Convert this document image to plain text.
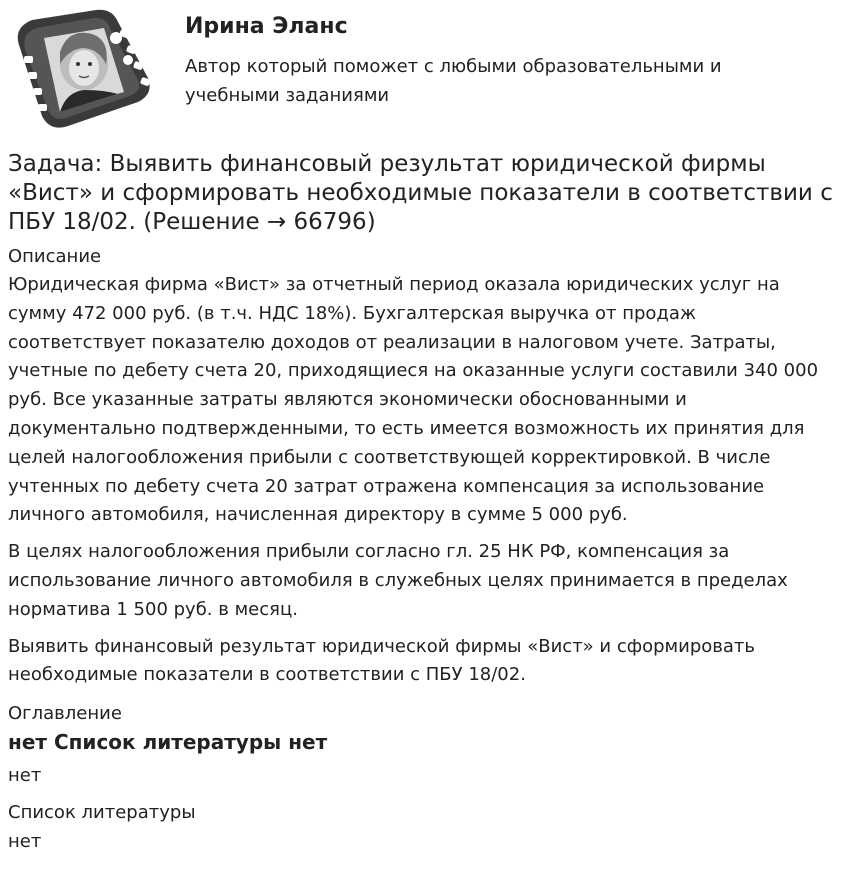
Ирина Эланс
Автор который поможет с любыми образовательными и учебными заданиями
Задача: Выявить финансовый результат юридической фирмы «Вист» и сформировать необходимые показатели в соответствии с ПБУ 18/02. (Решение → 66796)

Описание

Юридическая фирма «Вист» за отчетный период оказала юридических услуг на сумму 472 000 руб. (в т.ч. НДС 18%). Бухгалтерская выручка от продаж соответствует показателю доходов от реализации в налоговом учете. Затраты, учетные по дебету счета 20, приходящиеся на оказанные услуги составили 340 000 руб. Все указанные затраты являются экономически обоснованными и документально подтвержденными, то есть имеется возможность их принятия для целей налогообложения прибыли с соответствующей корректировкой. В числе учтенных по дебету счета 20 затрат отражена компенсация за использование личного автомобиля, начисленная директору в сумме 5 000 руб.

В целях налогообложения прибыли согласно гл. 25 НК РФ, компенсация за использование личного автомобиля в служебных целях принимается в пределах норматива 1 500 руб. в месяц.

Выявить финансовый результат юридической фирмы «Вист» и сформировать необходимые показатели в соответствии с ПБУ 18/02.

Оглавление

нет Список литературы нет

нет

Список литературы

нет
